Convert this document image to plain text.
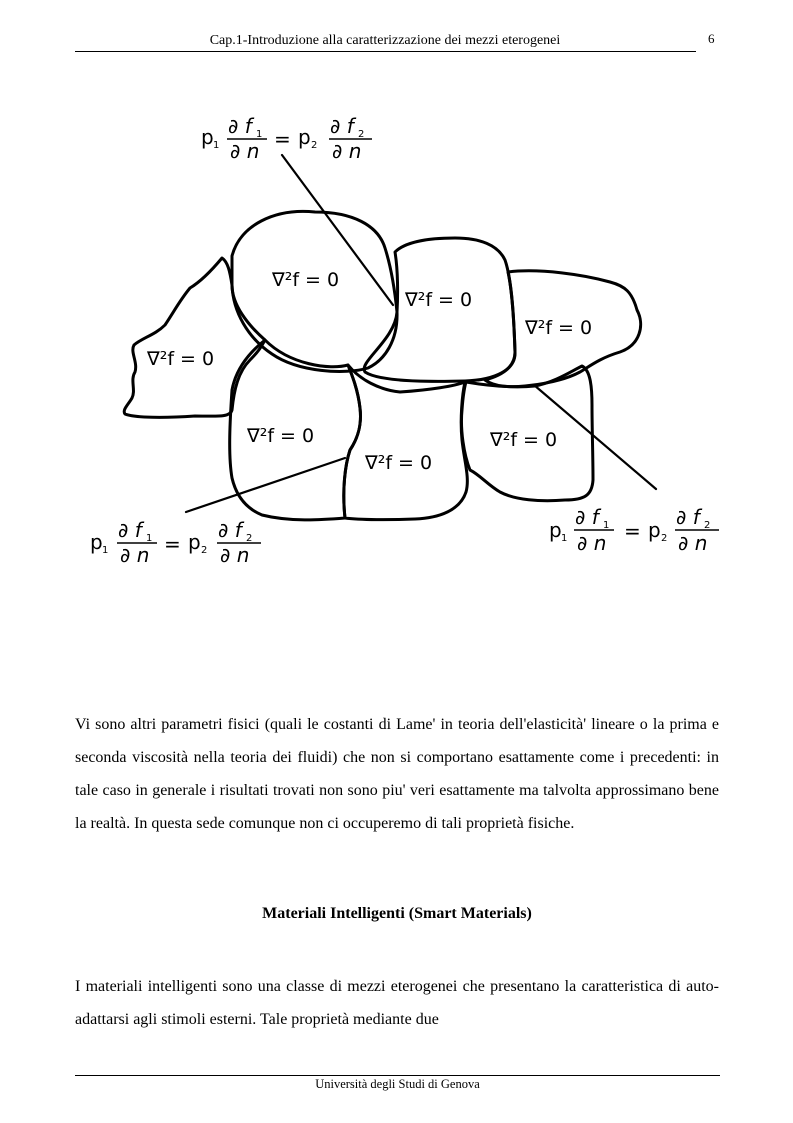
Cap.1-Introduzione alla caratterizzazione dei mezzi eterogenei	6
∇²f = 0
∇²f = 0
∇²f = 0
∇²f = 0
∇²f = 0
∇²f = 0
∇²f = 0
p 1
∂ f 1
∂ n = p 2
∂ f 2
∂ n
p 1
∂ f 1
∂ n = p 2
∂ f 2
∂ n
p 1
∂ f 1
∂ n = p 2
∂ f 2
∂ n
Vi sono altri parametri fisici (quali le costanti di Lame' in teoria dell'elasticità' lineare o la prima e seconda viscosità nella teoria dei fluidi) che non si comportano esattamente come i precedenti: in tale caso in generale i risultati trovati non sono piu' veri esattamente ma talvolta approssimano bene la realtà. In questa sede comunque non ci occuperemo di tali proprietà fisiche.
Materiali Intelligenti (Smart Materials)
I materiali intelligenti sono una classe di mezzi eterogenei che presentano la caratteristica di auto-adattarsi agli stimoli esterni. Tale proprietà mediante due
Università degli Studi di Genova
